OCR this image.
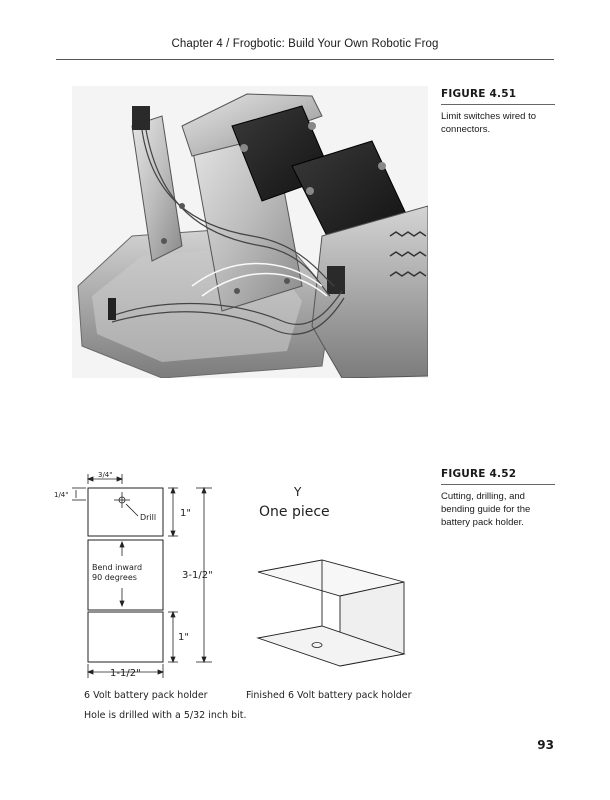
Chapter 4 / Frogbotic: Build Your Own Robotic Frog
FIGURE 4.51
Limit switches wired to connectors.
3/4"
1/4"
Drill 1"
Bend inward
90 degrees	3-1/2"
1"
1-1/2"
Y
One piece
6 Volt battery pack holder	Finished 6 Volt battery pack holder
Hole is drilled with a 5/32 inch bit.
FIGURE 4.52
Cutting, drilling, and bending guide for the battery pack holder.
93
